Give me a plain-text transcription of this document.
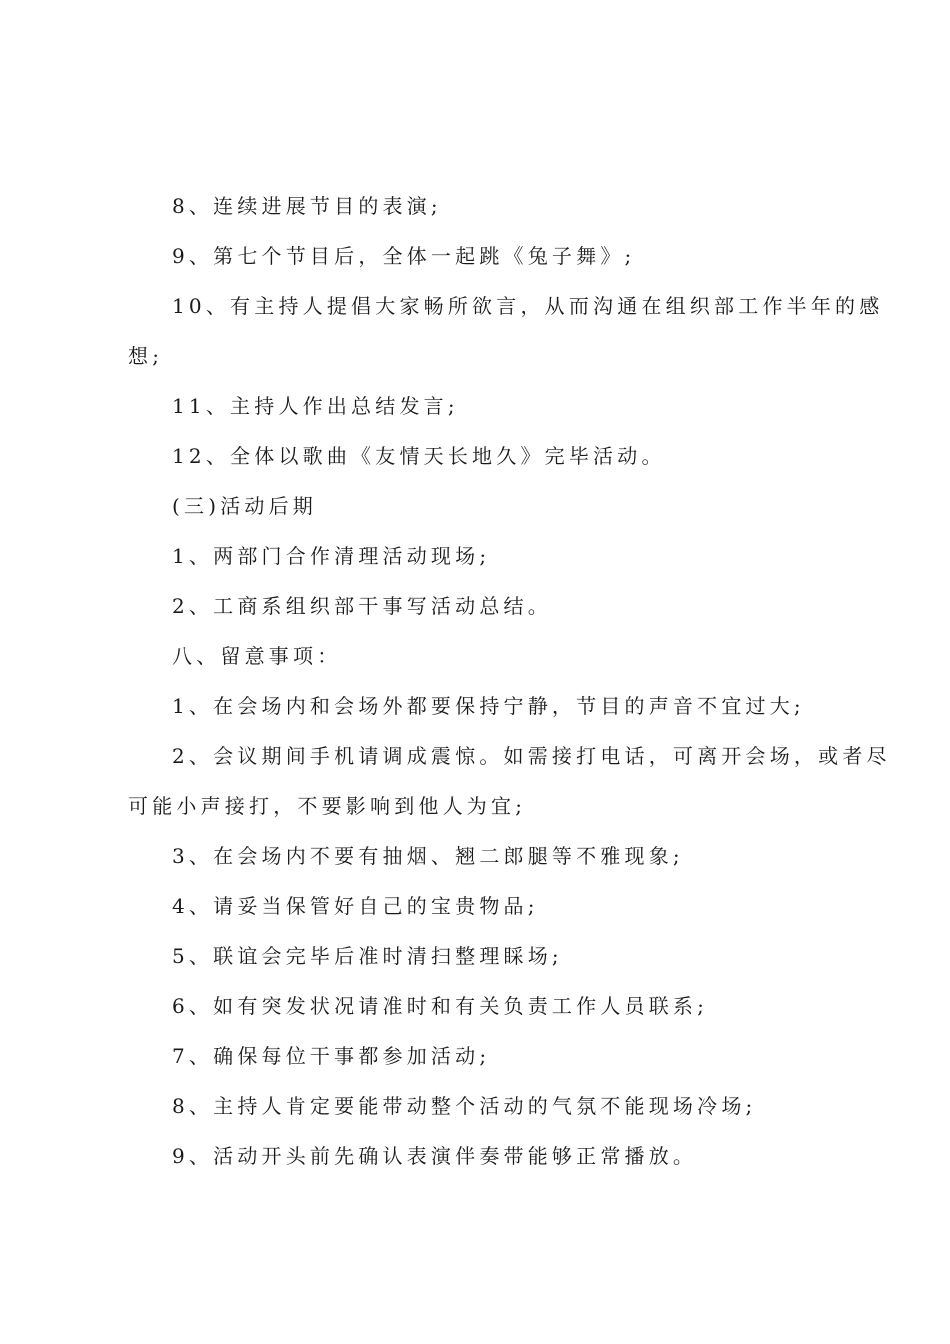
8、连续进展节目的表演;

9、第七个节目后，全体一起跳《兔子舞》;

10、有主持人提倡大家畅所欲言，从而沟通在组织部工作半年的感

想;

11、主持人作出总结发言;

12、全体以歌曲《友情天长地久》完毕活动。

(三)活动后期

1、两部门合作清理活动现场;

2、工商系组织部干事写活动总结。

八、留意事项：

1、在会场内和会场外都要保持宁静，节目的声音不宜过大;

2、会议期间手机请调成震惊。如需接打电话，可离开会场，或者尽

可能小声接打，不要影响到他人为宜;

3、在会场内不要有抽烟、翘二郎腿等不雅现象;

4、请妥当保管好自己的宝贵物品;

5、联谊会完毕后准时清扫整理睬场;

6、如有突发状况请准时和有关负责工作人员联系;

7、确保每位干事都参加活动;

8、主持人肯定要能带动整个活动的气氛不能现场冷场;

9、活动开头前先确认表演伴奏带能够正常播放。
